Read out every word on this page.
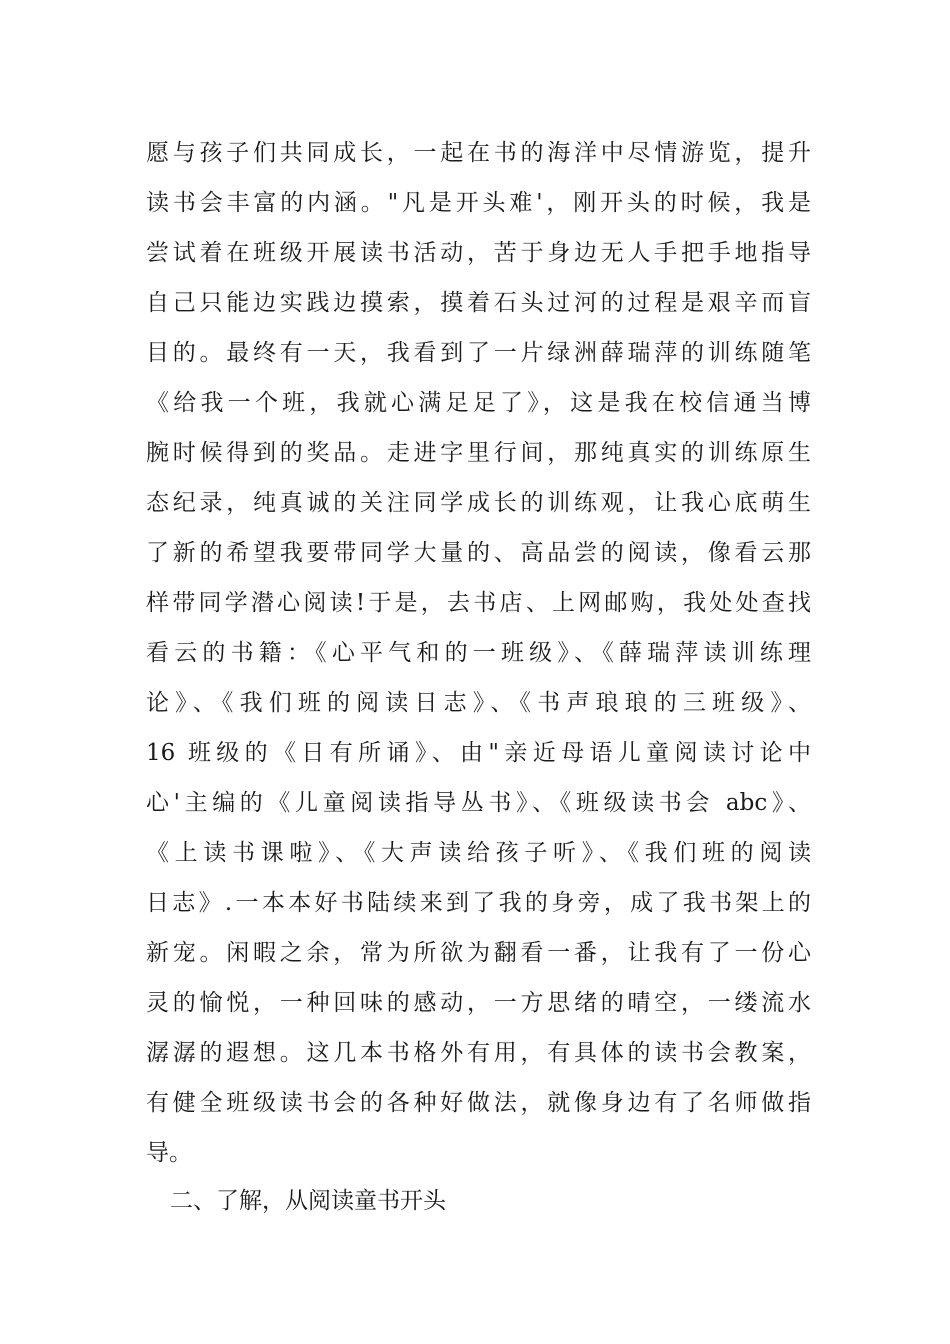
愿与孩子们共同成长，一起在书的海洋中尽情游览，提升
读书会丰富的内涵。"凡是开头难'，刚开头的时候，我是
尝试着在班级开展读书活动，苦于身边无人手把手地指导
自己只能边实践边摸索，摸着石头过河的过程是艰辛而盲
目的。最终有一天，我看到了一片绿洲薛瑞萍的训练随笔
《给我一个班，我就心满足足了》，这是我在校信通当博
腕时候得到的奖品。走进字里行间，那纯真实的训练原生
态纪录，纯真诚的关注同学成长的训练观，让我心底萌生
了新的希望我要带同学大量的、高品尝的阅读，像看云那
样带同学潜心阅读!于是，去书店、上网邮购，我处处查找
看云的书籍：《心平气和的一班级》、《薛瑞萍读训练理
论》、《我们班的阅读日志》、《书声琅琅的三班级》、
16 班级的《日有所诵》、由"亲近母语儿童阅读讨论中
心'主编的《儿童阅读指导丛书》、《班级读书会 abc》、
《上读书课啦》、《大声读给孩子听》、《我们班的阅读
日志》.一本本好书陆续来到了我的身旁，成了我书架上的
新宠。闲暇之余，常为所欲为翻看一番，让我有了一份心
灵的愉悦，一种回味的感动，一方思绪的晴空，一缕流水
潺潺的遐想。这几本书格外有用，有具体的读书会教案，
有健全班级读书会的各种好做法，就像身边有了名师做指
导。
二、了解，从阅读童书开头
